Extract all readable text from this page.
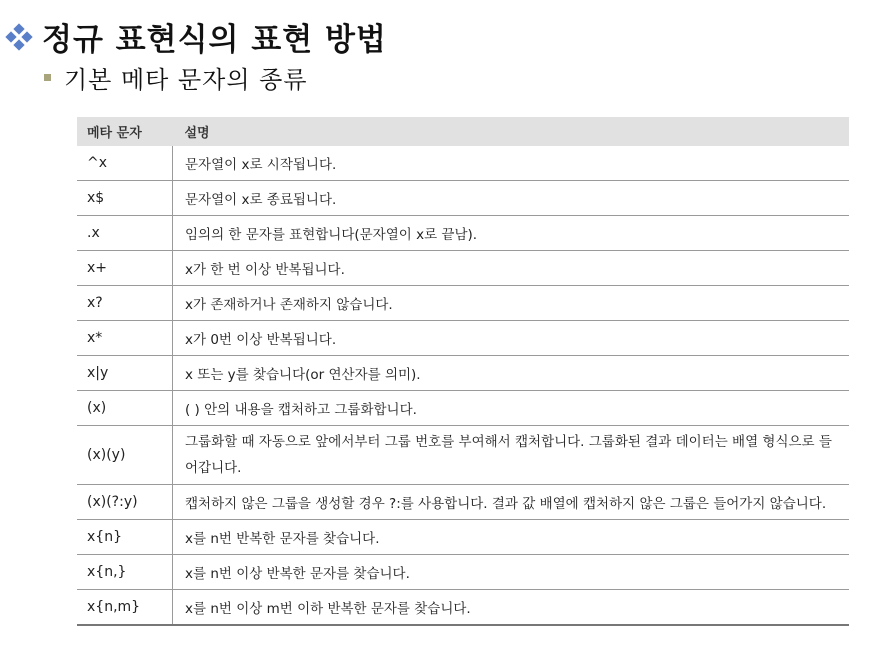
정규 표현식의 표현 방법
기본 메타 문자의 종류
메타 문자	설명
^x	문자열이 x로 시작됩니다.
x$	문자열이 x로 종료됩니다.
.x	임의의 한 문자를 표현합니다(문자열이 x로 끝남).
x+	x가 한 번 이상 반복됩니다.
x?	x가 존재하거나 존재하지 않습니다.
x*	x가 0번 이상 반복됩니다.
x|y	x 또는 y를 찾습니다(or 연산자를 의미).
(x)	( ) 안의 내용을 캡처하고 그룹화합니다.
(x)(y)	그룹화할 때 자동으로 앞에서부터 그룹 번호를 부여해서 캡처합니다. 그룹화된 결과 데이터는 배열 형식으로 들어갑니다.
(x)(?:y)	캡처하지 않은 그룹을 생성할 경우 ?:를 사용합니다. 결과 값 배열에 캡처하지 않은 그룹은 들어가지 않습니다.
x{n}	x를 n번 반복한 문자를 찾습니다.
x{n,}	x를 n번 이상 반복한 문자를 찾습니다.
x{n,m}	x를 n번 이상 m번 이하 반복한 문자를 찾습니다.
